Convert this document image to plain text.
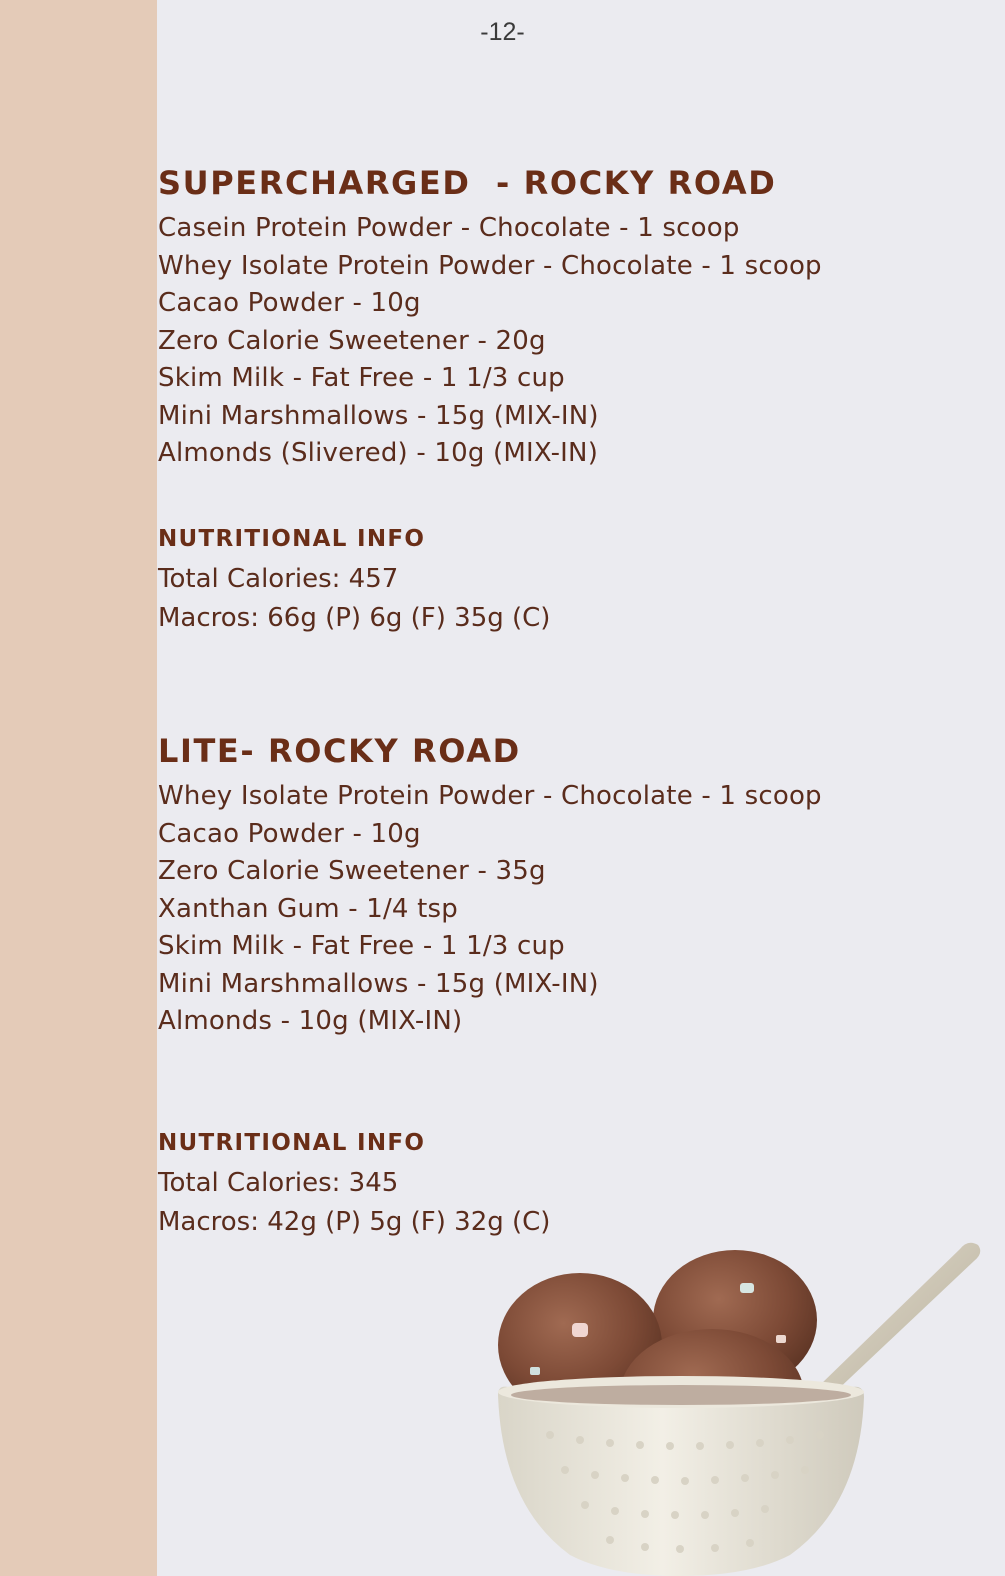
-12-
SUPERCHARGED  - ROCKY ROAD
Casein Protein Powder - Chocolate - 1 scoop
Whey Isolate Protein Powder - Chocolate - 1 scoop
Cacao Powder - 10g
Zero Calorie Sweetener - 20g
Skim Milk - Fat Free - 1 1/3 cup
Mini Marshmallows - 15g (MIX-IN)
Almonds (Slivered) - 10g (MIX-IN)
NUTRITIONAL INFO
Total Calories: 457
Macros: 66g (P) 6g (F) 35g (C)
LITE- ROCKY ROAD
Whey Isolate Protein Powder - Chocolate - 1 scoop
Cacao Powder - 10g
Zero Calorie Sweetener - 35g
Xanthan Gum - 1/4 tsp
Skim Milk - Fat Free - 1 1/3 cup
Mini Marshmallows - 15g (MIX-IN)
Almonds - 10g (MIX-IN)
NUTRITIONAL INFO
Total Calories: 345
Macros: 42g (P) 5g (F) 32g (C)
